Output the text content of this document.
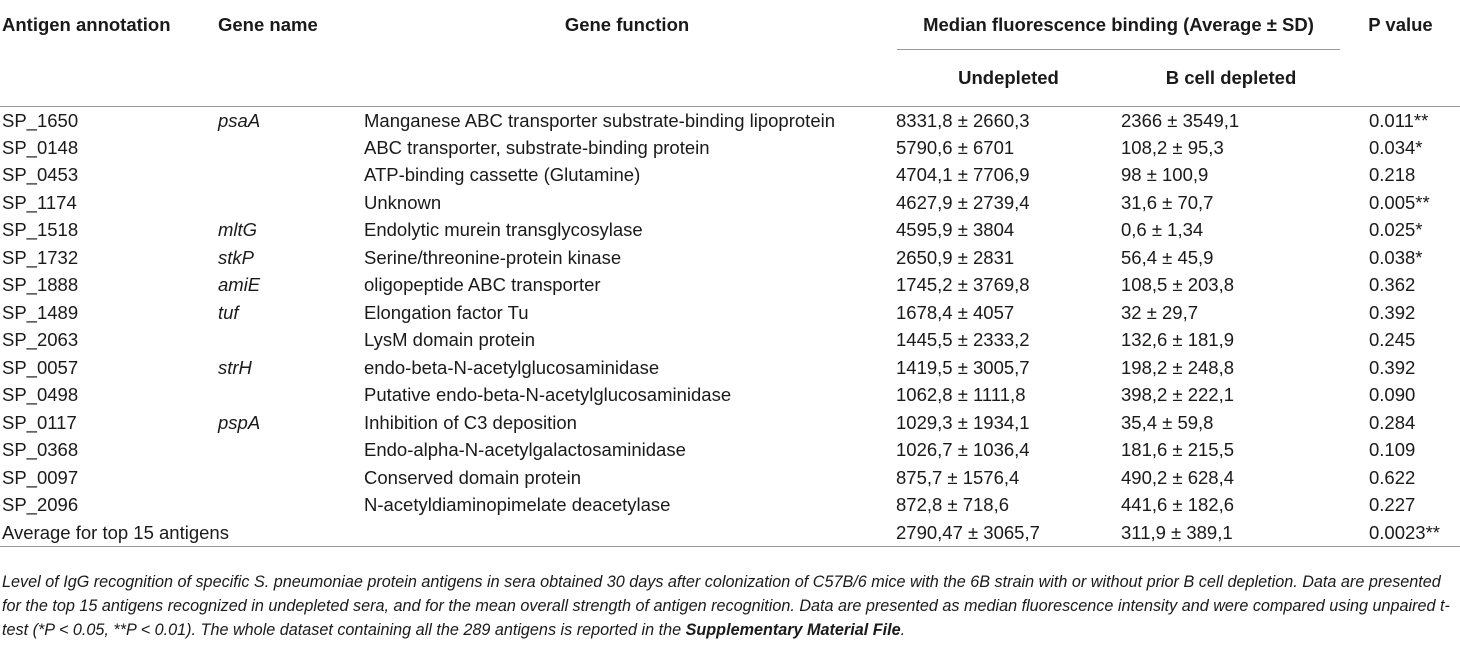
Antigen annotation	Gene name	Gene function	Median fluorescence binding (Average ± SD)		P value
			Undepleted	B cell depleted	
SP_1650	psaA	Manganese ABC transporter substrate-binding lipoprotein	8331,8 ± 2660,3	2366 ± 3549,1	0.011**
SP_0148		ABC transporter, substrate-binding protein	5790,6 ± 6701	108,2 ± 95,3	0.034*
SP_0453		ATP-binding cassette (Glutamine)	4704,1 ± 7706,9	98 ± 100,9	0.218
SP_1174		Unknown	4627,9 ± 2739,4	31,6 ± 70,7	0.005**
SP_1518	mltG	Endolytic murein transglycosylase	4595,9 ± 3804	0,6 ± 1,34	0.025*
SP_1732	stkP	Serine/threonine-protein kinase	2650,9 ± 2831	56,4 ± 45,9	0.038*
SP_1888	amiE	oligopeptide ABC transporter	1745,2 ± 3769,8	108,5 ± 203,8	0.362
SP_1489	tuf	Elongation factor Tu	1678,4 ± 4057	32 ± 29,7	0.392
SP_2063		LysM domain protein	1445,5 ± 2333,2	132,6 ± 181,9	0.245
SP_0057	strH	endo-beta-N-acetylglucosaminidase	1419,5 ± 3005,7	198,2 ± 248,8	0.392
SP_0498		Putative endo-beta-N-acetylglucosaminidase	1062,8 ± 1111,8	398,2 ± 222,1	0.090
SP_0117	pspA	Inhibition of C3 deposition	1029,3 ± 1934,1	35,4 ± 59,8	0.284
SP_0368		Endo-alpha-N-acetylgalactosaminidase	1026,7 ± 1036,4	181,6 ± 215,5	0.109
SP_0097		Conserved domain protein	875,7 ± 1576,4	490,2 ± 628,4	0.622
SP_2096		N-acetyldiaminopimelate deacetylase	872,8 ± 718,6	441,6 ± 182,6	0.227
Average for top 15 antigens			2790,47 ± 3065,7	311,9 ± 389,1	0.0023**
Level of IgG recognition of specific S. pneumoniae protein antigens in sera obtained 30 days after colonization of C57B/6 mice with the 6B strain with or without prior B cell depletion. Data are presented for the top 15 antigens recognized in undepleted sera, and for the mean overall strength of antigen recognition. Data are presented as median fluorescence intensity and were compared using unpaired t-test (*P < 0.05, **P < 0.01). The whole dataset containing all the 289 antigens is reported in the Supplementary Material File.
